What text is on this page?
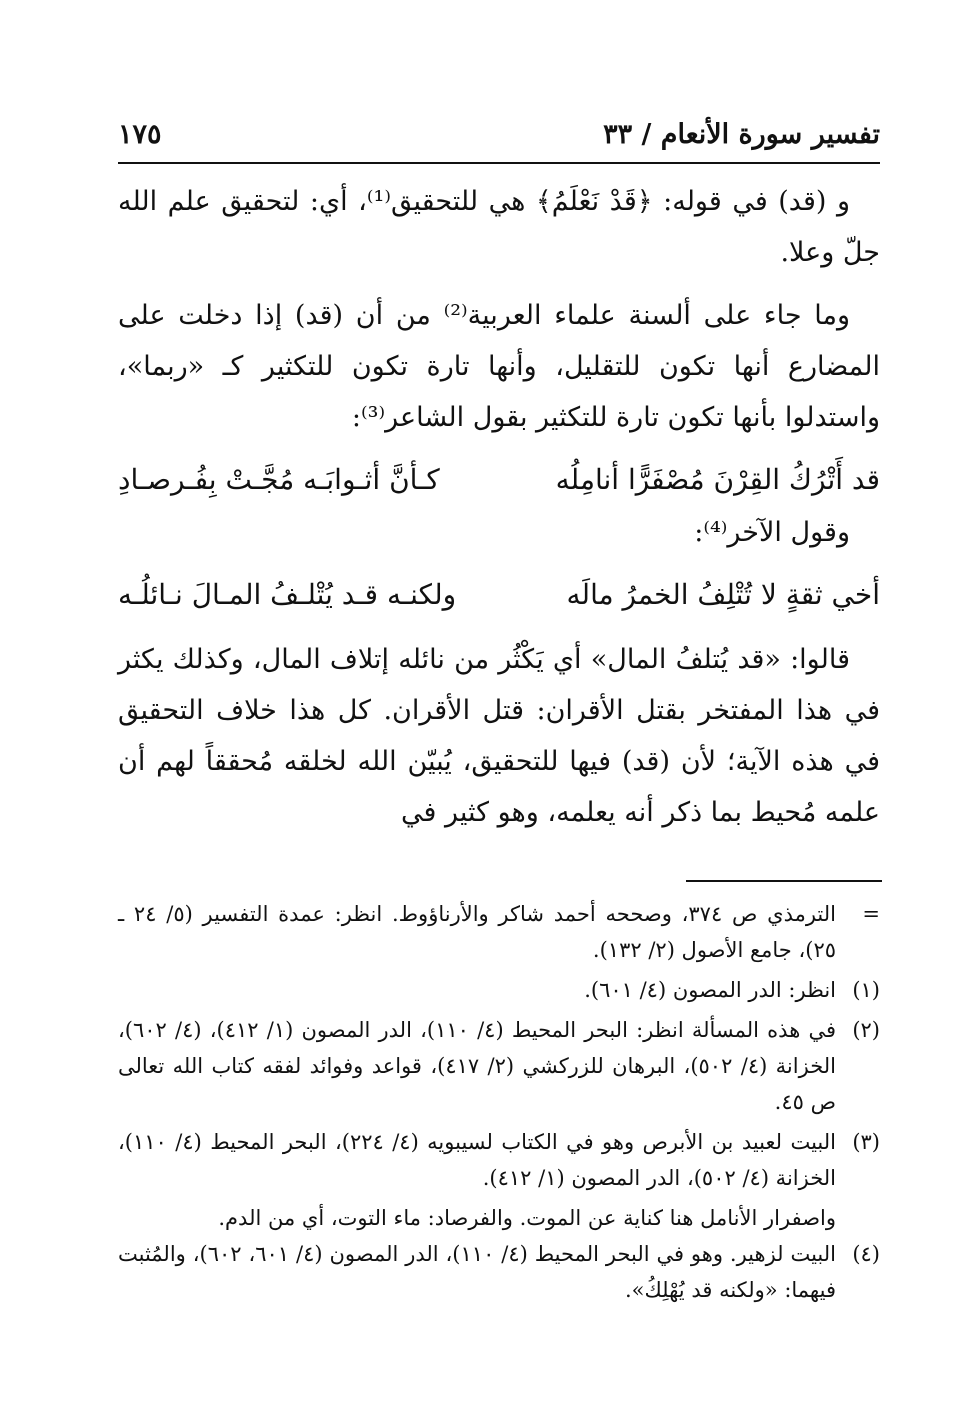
تفسير سورة الأنعام / ٣٣
١٧٥

و (قد) في قوله: ﴿قَدْ نَعْلَمُ﴾ هي للتحقيق⁽¹⁾، أي: لتحقيق علم الله جلّ وعلا.

وما جاء على ألسنة علماء العربية⁽²⁾ من أن (قد) إذا دخلت على المضارع أنها تكون للتقليل، وأنها تارة تكون للتكثير كـ «ربما»، واستدلوا بأنها تكون تارة للتكثير بقول الشاعر⁽³⁾:

قد أَتْرُكُ القِرْنَ مُصْفَرًّا أنامِلُه
كـأنَّ أثـوابَـه مُجَّـتْ بِفُـرصـادِ

وقول الآخر⁽⁴⁾:

أخي ثقةٍ لا تُتْلِفُ الخمرُ مالَه
ولكنـه قـد يُتْلـفُ المـالَ نـائلُـه

قالوا: «قد يُتلفُ المال» أي يَكْثُر من نائله إتلاف المال، وكذلك يكثر في هذا المفتخر بقتل الأقران: قتل الأقران. كل هذا خلاف التحقيق في هذه الآية؛ لأن (قد) فيها للتحقيق، يُبيّن الله لخلقه مُحققاً لهم أن علمه مُحيط بما ذكر أنه يعلمه، وهو كثير في

=
الترمذي ص ٣٧٤، وصححه أحمد شاكر والأرناؤوط. انظر: عمدة التفسير (٥/ ٢٤ ـ ٢٥)، جامع الأصول (٢/ ١٣٢).
(١)
انظر: الدر المصون (٤/ ٦٠١).
(٢)
في هذه المسألة انظر: البحر المحيط (٤/ ١١٠)، الدر المصون (١/ ٤١٢)، (٤/ ٦٠٢)، الخزانة (٤/ ٥٠٢)، البرهان للزركشي (٢/ ٤١٧)، قواعد وفوائد لفقه كتاب الله تعالى ص ٤٥.
(٣)
البيت لعبيد بن الأبرص وهو في الكتاب لسيبويه (٤/ ٢٢٤)، البحر المحيط (٤/ ١١٠)، الخزانة (٤/ ٥٠٢)، الدر المصون (١/ ٤١٢).
واصفرار الأنامل هنا كناية عن الموت. والفرصاد: ماء التوت، أي من الدم.
(٤)
البيت لزهير. وهو في البحر المحيط (٤/ ١١٠)، الدر المصون (٤/ ٦٠١، ٦٠٢)، والمُثبت فيهما: «ولكنه قد يُهْلِكُ».
